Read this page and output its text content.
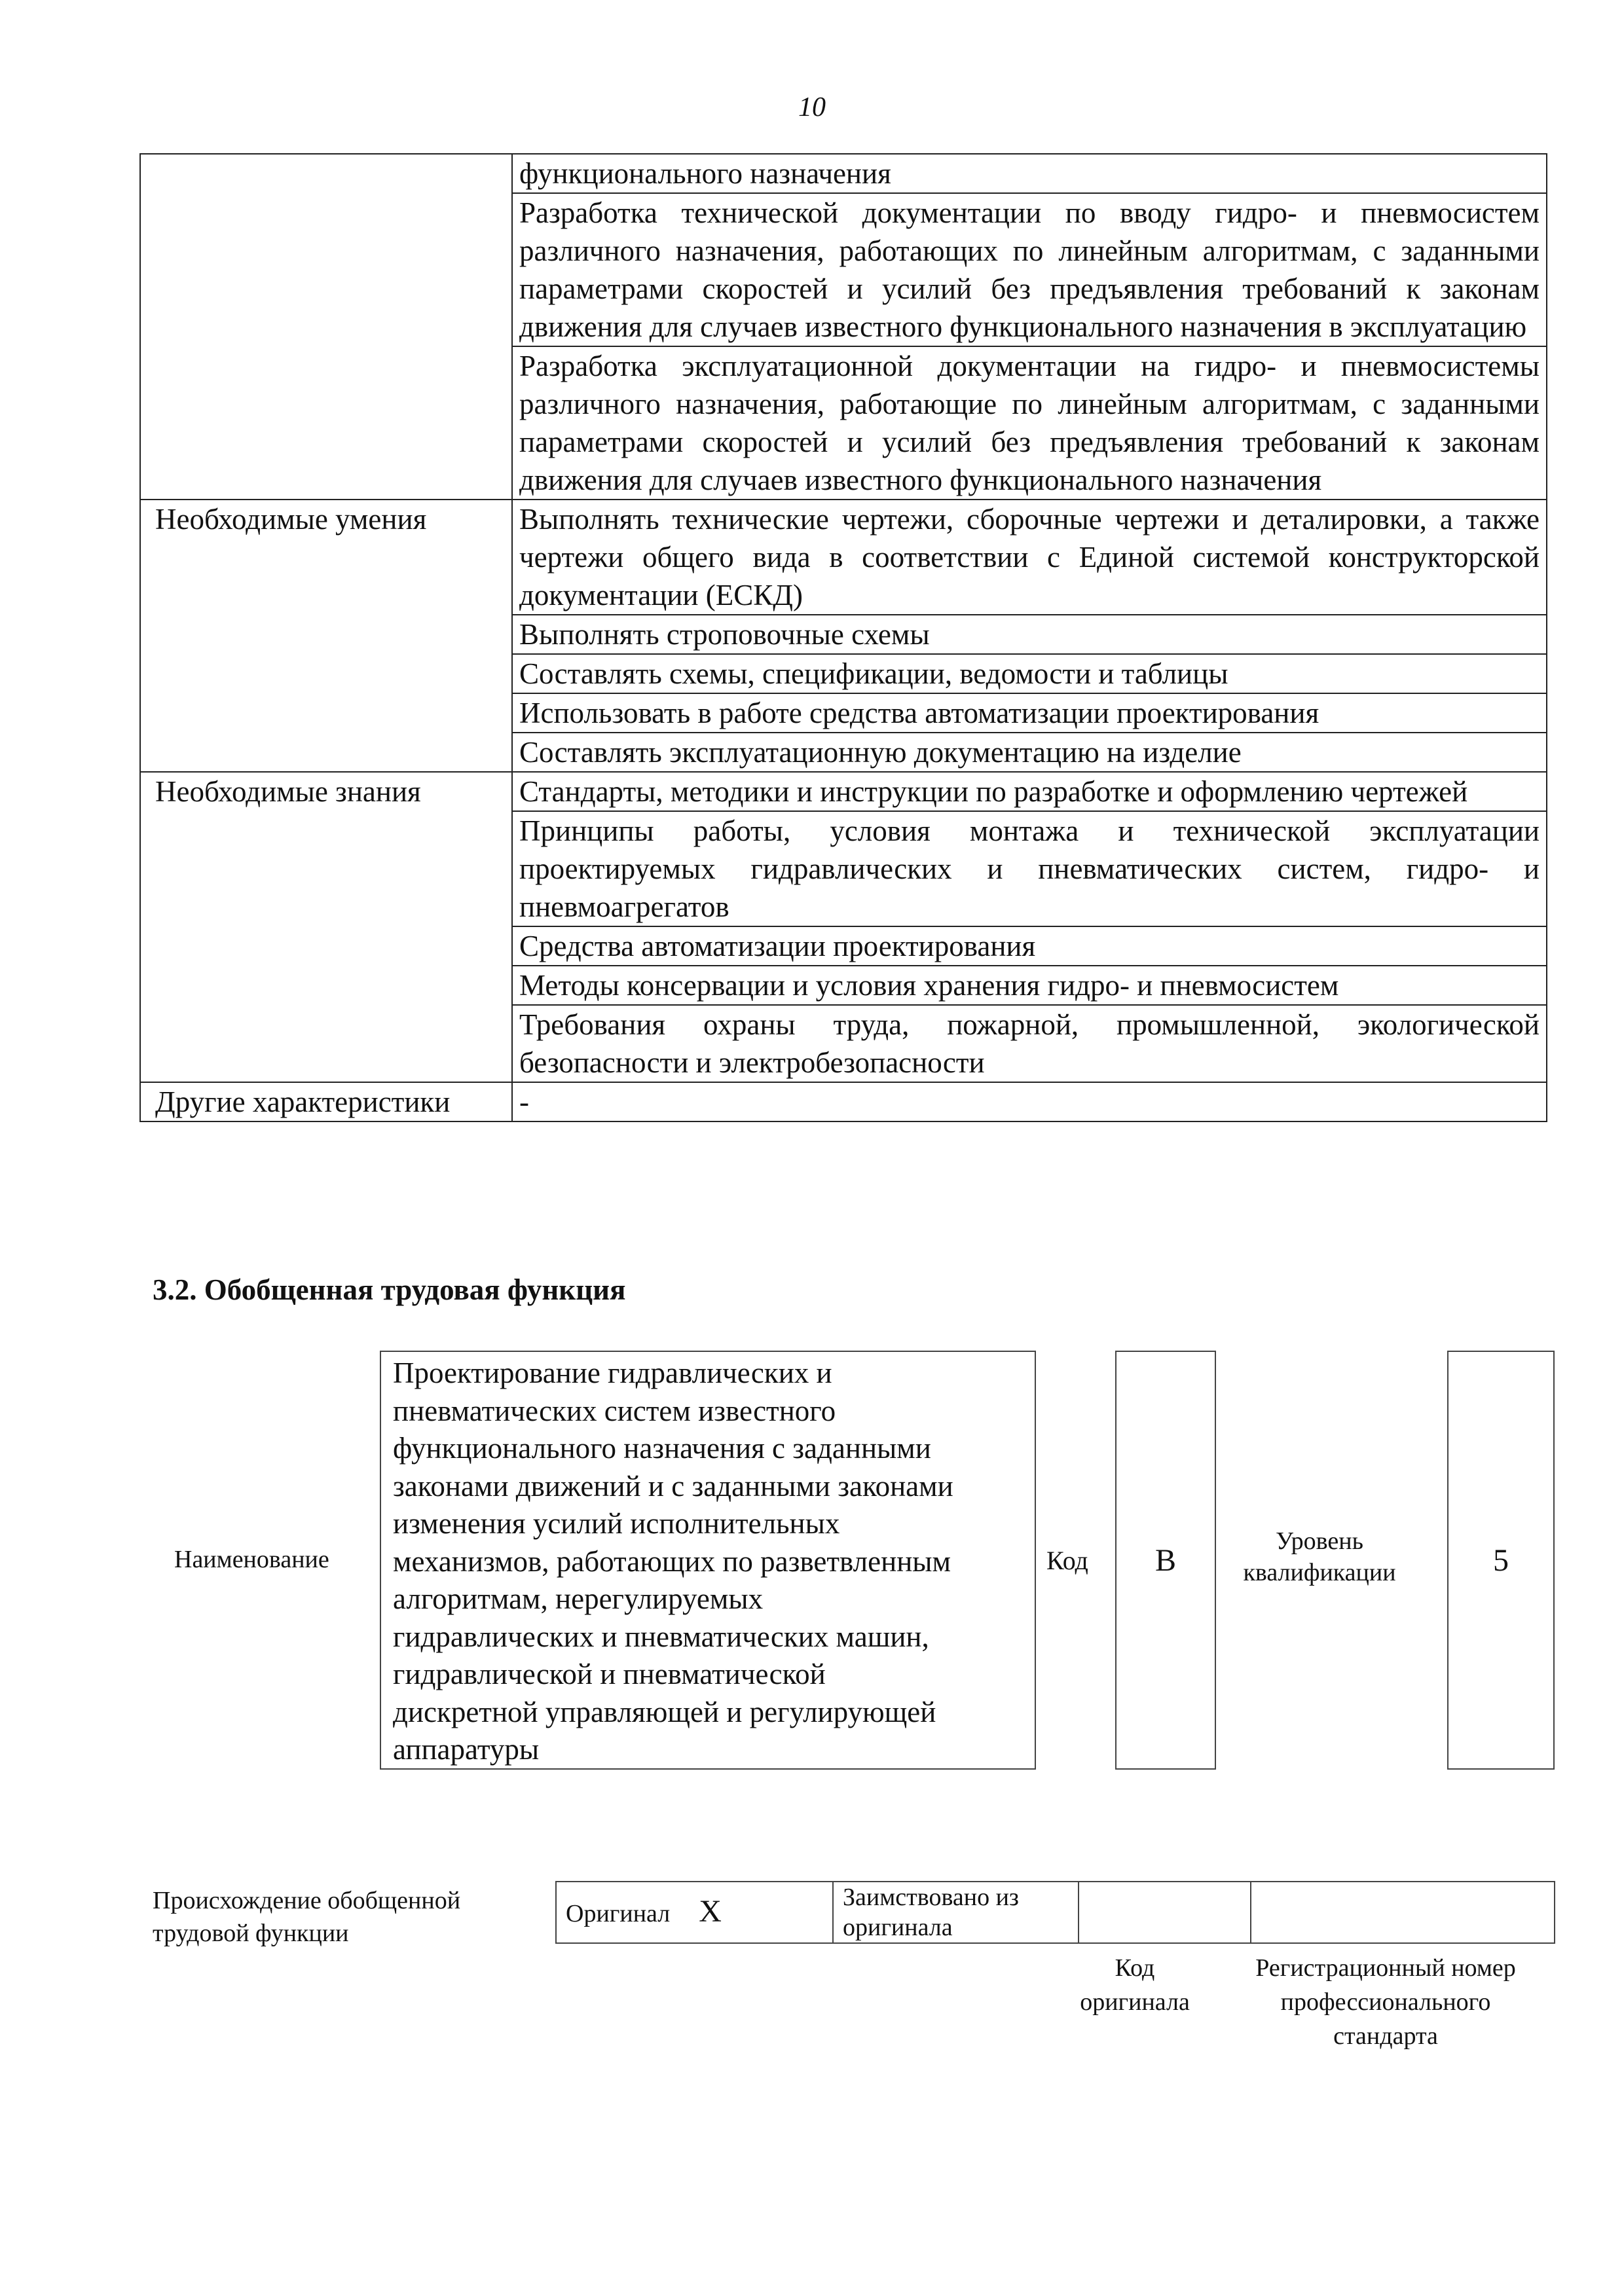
10
	функционального назначения
	Разработка технической документации по вводу гидро- и пневмосистем различного назначения, работающих по линейным алгоритмам, с заданными параметрами скоростей и усилий без предъявления требований к законам движения для случаев известного функционального назначения в эксплуатацию
	Разработка эксплуатационной документации на гидро- и пневмосистемы различного назначения, работающие по линейным алгоритмам, с заданными параметрами скоростей и усилий без предъявления требований к законам движения для случаев известного функционального назначения
Необходимые умения	Выполнять технические чертежи, сборочные чертежи и деталировки, а также чертежи общего вида в соответствии с Единой системой конструкторской документации (ЕСКД)
	Выполнять строповочные схемы
	Составлять схемы, спецификации, ведомости и таблицы
	Использовать в работе средства автоматизации проектирования
	Составлять эксплуатационную документацию на изделие
Необходимые знания	Стандарты, методики и инструкции по разработке и оформлению чертежей
	Принципы работы, условия монтажа и технической эксплуатации проектируемых гидравлических и пневматических систем, гидро- и пневмоагрегатов
	Средства автоматизации проектирования
	Методы консервации и условия хранения гидро- и пневмосистем
	Требования охраны труда, пожарной, промышленной, экологической безопасности и электробезопасности
Другие характеристики	-
3.2. Обобщенная трудовая функция
Наименование
Проектирование гидравлических и
пневматических систем известного
функционального назначения с заданными
законами движений и с заданными законами
изменения усилий исполнительных
механизмов, работающих по разветвленным
алгоритмам, нерегулируемых
гидравлических и пневматических машин,
гидравлической и пневматической
дискретной управляющей и регулирующей
аппаратуры
Код B
Уровень
квалификации	5
Происхождение обобщенной
трудовой функции
Оригинал X	Заимствовано из
оригинала

Код
оригинала
Регистрационный номер
профессионального
стандарта
